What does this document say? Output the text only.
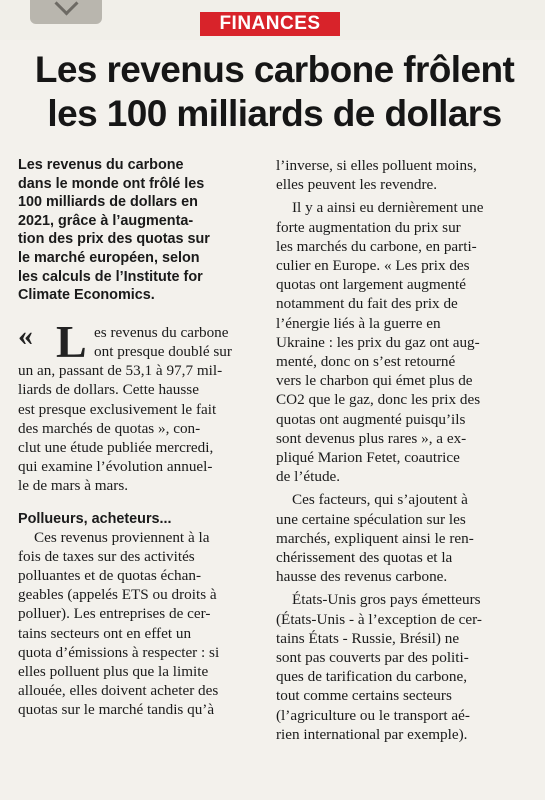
FINANCES
Les revenus carbone frôlent
les 100 milliards de dollars
Les revenus du carbone
dans le monde ont frôlé les
100 milliards de dollars en
2021, grâce à l’augmenta-
tion des prix des quotas sur
le marché européen, selon
les calculs de l’Institute for
Climate Economics.
« L es revenus du carbone
ont presque doublé sur
un an, passant de 53,1 à 97,7 mil-
liards de dollars. Cette hausse
est presque exclusivement le fait
des marchés de quotas », con-
clut une étude publiée mercredi,
qui examine l’évolution annuel-
le de mars à mars.
Pollueurs, acheteurs...
Ces revenus proviennent à la
fois de taxes sur des activités
polluantes et de quotas échan-
geables (appelés ETS ou droits à
polluer). Les entreprises de cer-
tains secteurs ont en effet un
quota d’émissions à respecter : si
elles polluent plus que la limite
allouée, elles doivent acheter des
quotas sur le marché tandis qu’à
l’inverse, si elles polluent moins,
elles peuvent les revendre.
Il y a ainsi eu dernièrement une
forte augmentation du prix sur
les marchés du carbone, en parti-
culier en Europe. « Les prix des
quotas ont largement augmenté
notamment du fait des prix de
l’énergie liés à la guerre en
Ukraine : les prix du gaz ont aug-
menté, donc on s’est retourné
vers le charbon qui émet plus de
CO2 que le gaz, donc les prix des
quotas ont augmenté puisqu’ils
sont devenus plus rares », a ex-
pliqué Marion Fetet, coautrice
de l’étude.
Ces facteurs, qui s’ajoutent à
une certaine spéculation sur les
marchés, expliquent ainsi le ren-
chérissement des quotas et la
hausse des revenus carbone.
États-Unis gros pays émetteurs
(États-Unis - à l’exception de cer-
tains États - Russie, Brésil) ne
sont pas couverts par des politi-
ques de tarification du carbone,
tout comme certains secteurs
(l’agriculture ou le transport aé-
rien international par exemple).
